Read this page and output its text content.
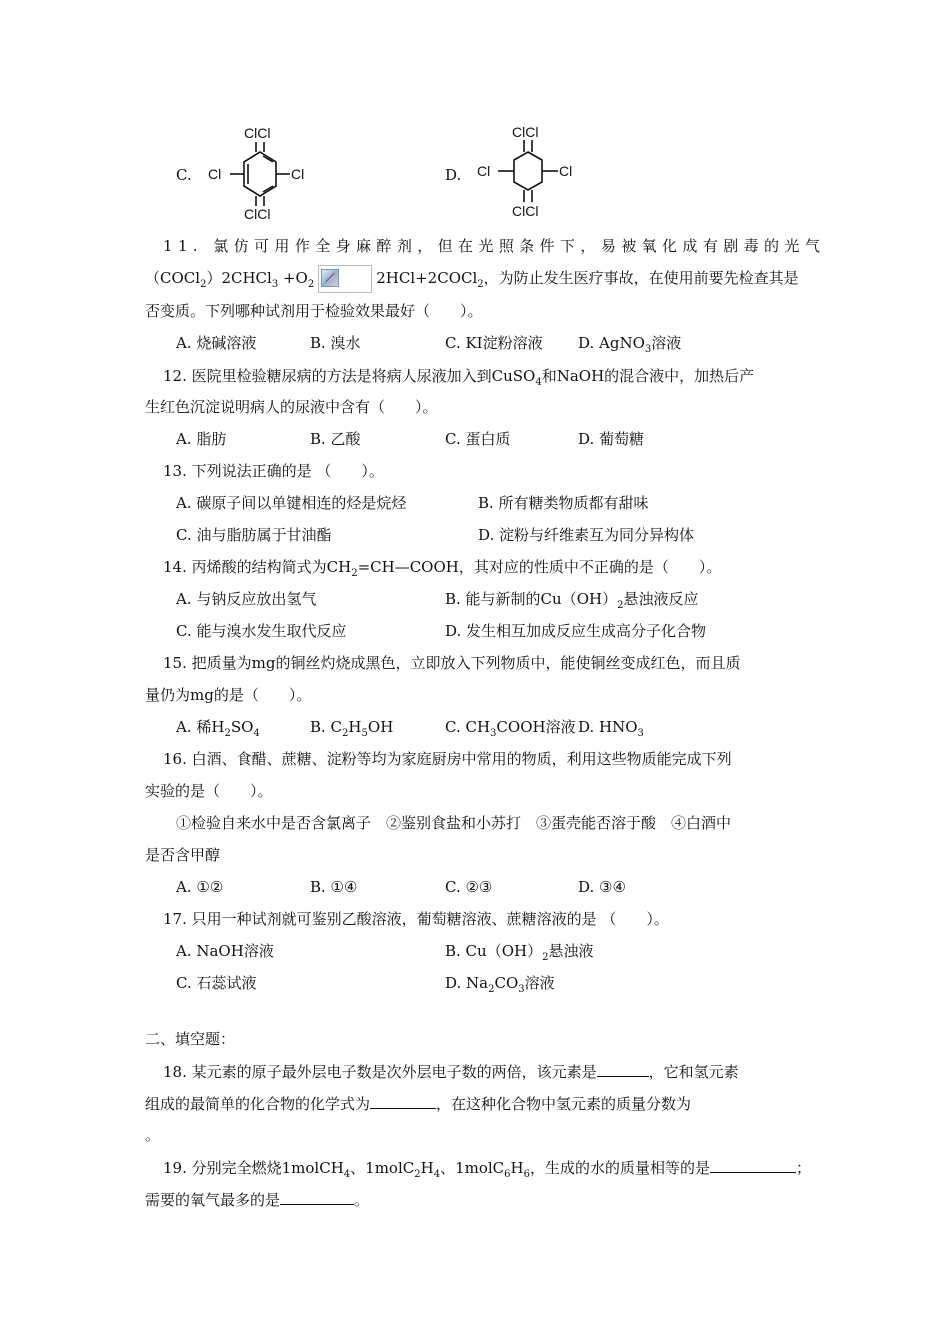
C.
ClCl
Cl	Cl
ClCl
D.
ClCl
Cl	Cl
ClCl
11. 氯仿可用作全身麻醉剂，但在光照条件下，易被氧化成有剧毒的光气
（COCl$_2$）2CHCl$_3$ $+O_2$	2HCl+2COCl$_2$，为防止发生医疗事故，在使用前要先检查其是
否变质。下列哪种试剂用于检验效果最好（　　）。
A. 烧碱溶液	B. 溴水	C. KI淀粉溶液 D. AgNO$_3$溶液
12. 医院里检验糖尿病的方法是将病人尿液加入到CuSO$_4$和NaOH的混合液中，加热后产
生红色沉淀说明病人的尿液中含有（　　）。
A. 脂肪	B. 乙酸	C. 蛋白质	D. 葡萄糖
13. 下列说法正确的是 （　　）。
A. 碳原子间以单键相连的烃是烷烃	B. 所有糖类物质都有甜味
C. 油与脂肪属于甘油酯	D. 淀粉与纤维素互为同分异构体
14. 丙烯酸的结构简式为$CH_2=CH—COOH$，其对应的性质中不正确的是（　　）。
A. 与钠反应放出氢气	B. 能与新制的$Cu(OH)_2$悬浊液反应
C. 能与溴水发生取代反应	D. 发生相互加成反应生成高分子化合物
15. 把质量为mg的铜丝灼烧成黑色，立即放入下列物质中，能使铜丝变成红色，而且质
量仍为mg的是（　　）。
A. 稀$H_2SO_4$	B. $C_2H_5OH$	C. $CH_3COOH$溶液 D. $HNO_3$
16. 白酒、食醋、蔗糖、淀粉等均为家庭厨房中常用的物质，利用这些物质能完成下列
实验的是（　　）。
①检验自来水中是否含氯离子　②鉴别食盐和小苏打　③蛋壳能否溶于酸　④白酒中
是否含甲醇
A. ①②	B. ①④	C. ②③	D. ③④
17. 只用一种试剂就可鉴别乙酸溶液，葡萄糖溶液、蔗糖溶液的是 （　　）。
A. NaOH溶液	B. $Cu(OH)_2$悬浊液
C. 石蕊试液	D. $Na_2CO_3$溶液
二、填空题：
18. 某元素的原子最外层电子数是次外层电子数的两倍，该元素是	，它和氢元素
组成的最简单的化合物的化学式为	，在这种化合物中氢元素的质量分数为
。
19. 分别完全燃烧1molCH$_4$、$1molC_2H_4$、$1molC_6H_6$，生成的水的质量相等的是	；
需要的氧气最多的是	。
